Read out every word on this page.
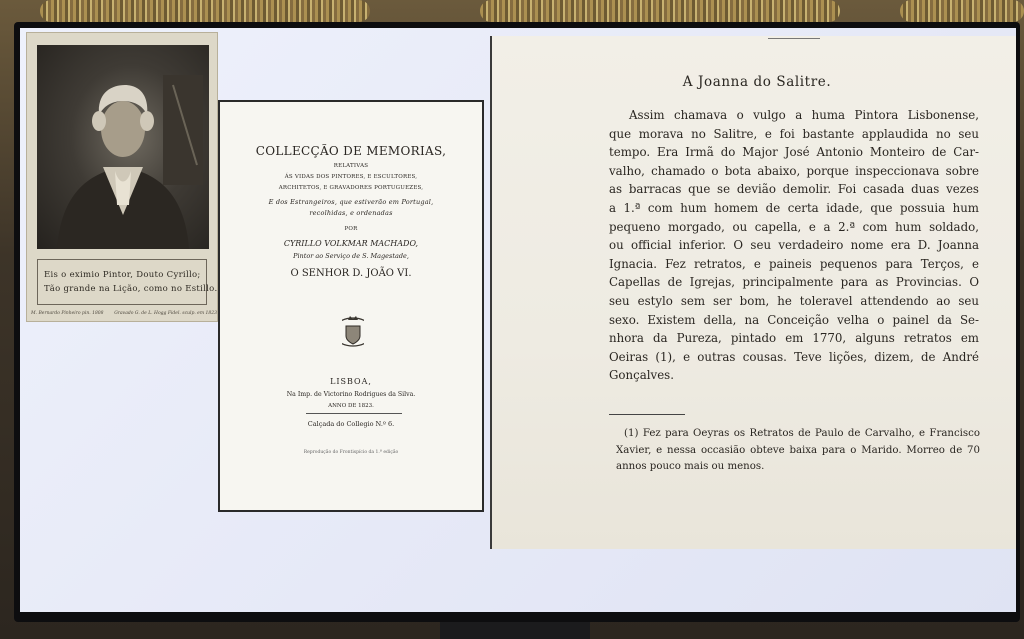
Eis o eximio Pintor, Douto Cyrillo;
Tão grande na Lição, como no Estillo.
M. Bernardo Pinheiro pin. 1808 Gravado G. de L. Hogg Fidel. sculp. em 1823
COLLECÇÃO DE MEMORIAS,
RELATIVAS
ÁS VIDAS DOS PINTORES, E ESCULTORES,
ARCHITETOS, E GRAVADORES PORTUGUEZES,
E dos Estrangeiros, que estiverão em Portugal,
recolhidas, e ordenadas
POR
CYRILLO VOLKMAR MACHADO,
Pintor ao Serviço de S. Magestade,
O SENHOR D. JOÃO VI.
LISBOA,
Na Imp. de Victorino Rodrigues da Silva.
ANNO DE 1823.
Calçada do Collegio N.º 6.
Reprodução do Frontispício da 1.ª edição
A Joanna do Salitre.
Assim chamava o vulgo a huma Pintora Lisbonense,
que morava no Salitre, e foi bastante applaudida no seu
tempo. Era Irmã do Major José Antonio Monteiro de Car-
valho, chamado o bota abaixo, porque inspeccionava sobre
as barracas que se devião demolir. Foi casada duas vezes
a 1.ª com hum homem de certa idade, que possuia hum
pequeno morgado, ou capella, e a 2.ª com hum soldado,
ou official inferior. O seu verdadeiro nome era D. Joanna
Ignacia. Fez retratos, e paineis pequenos para Terços, e
Capellas de Igrejas, principalmente para as Provincias. O
seu estylo sem ser bom, he toleravel attendendo ao seu
sexo. Existem della, na Conceição velha o painel da Se-
nhora da Pureza, pintado em 1770, alguns retratos em
Oeiras (1), e outras cousas. Teve lições, dizem, de André
Gonçalves.
(1) Fez para Oeyras os Retratos de Paulo de Carvalho, e Francisco
Xavier, e nessa occasião obteve baixa para o Marido. Morreo de 70
annos pouco mais ou menos.
